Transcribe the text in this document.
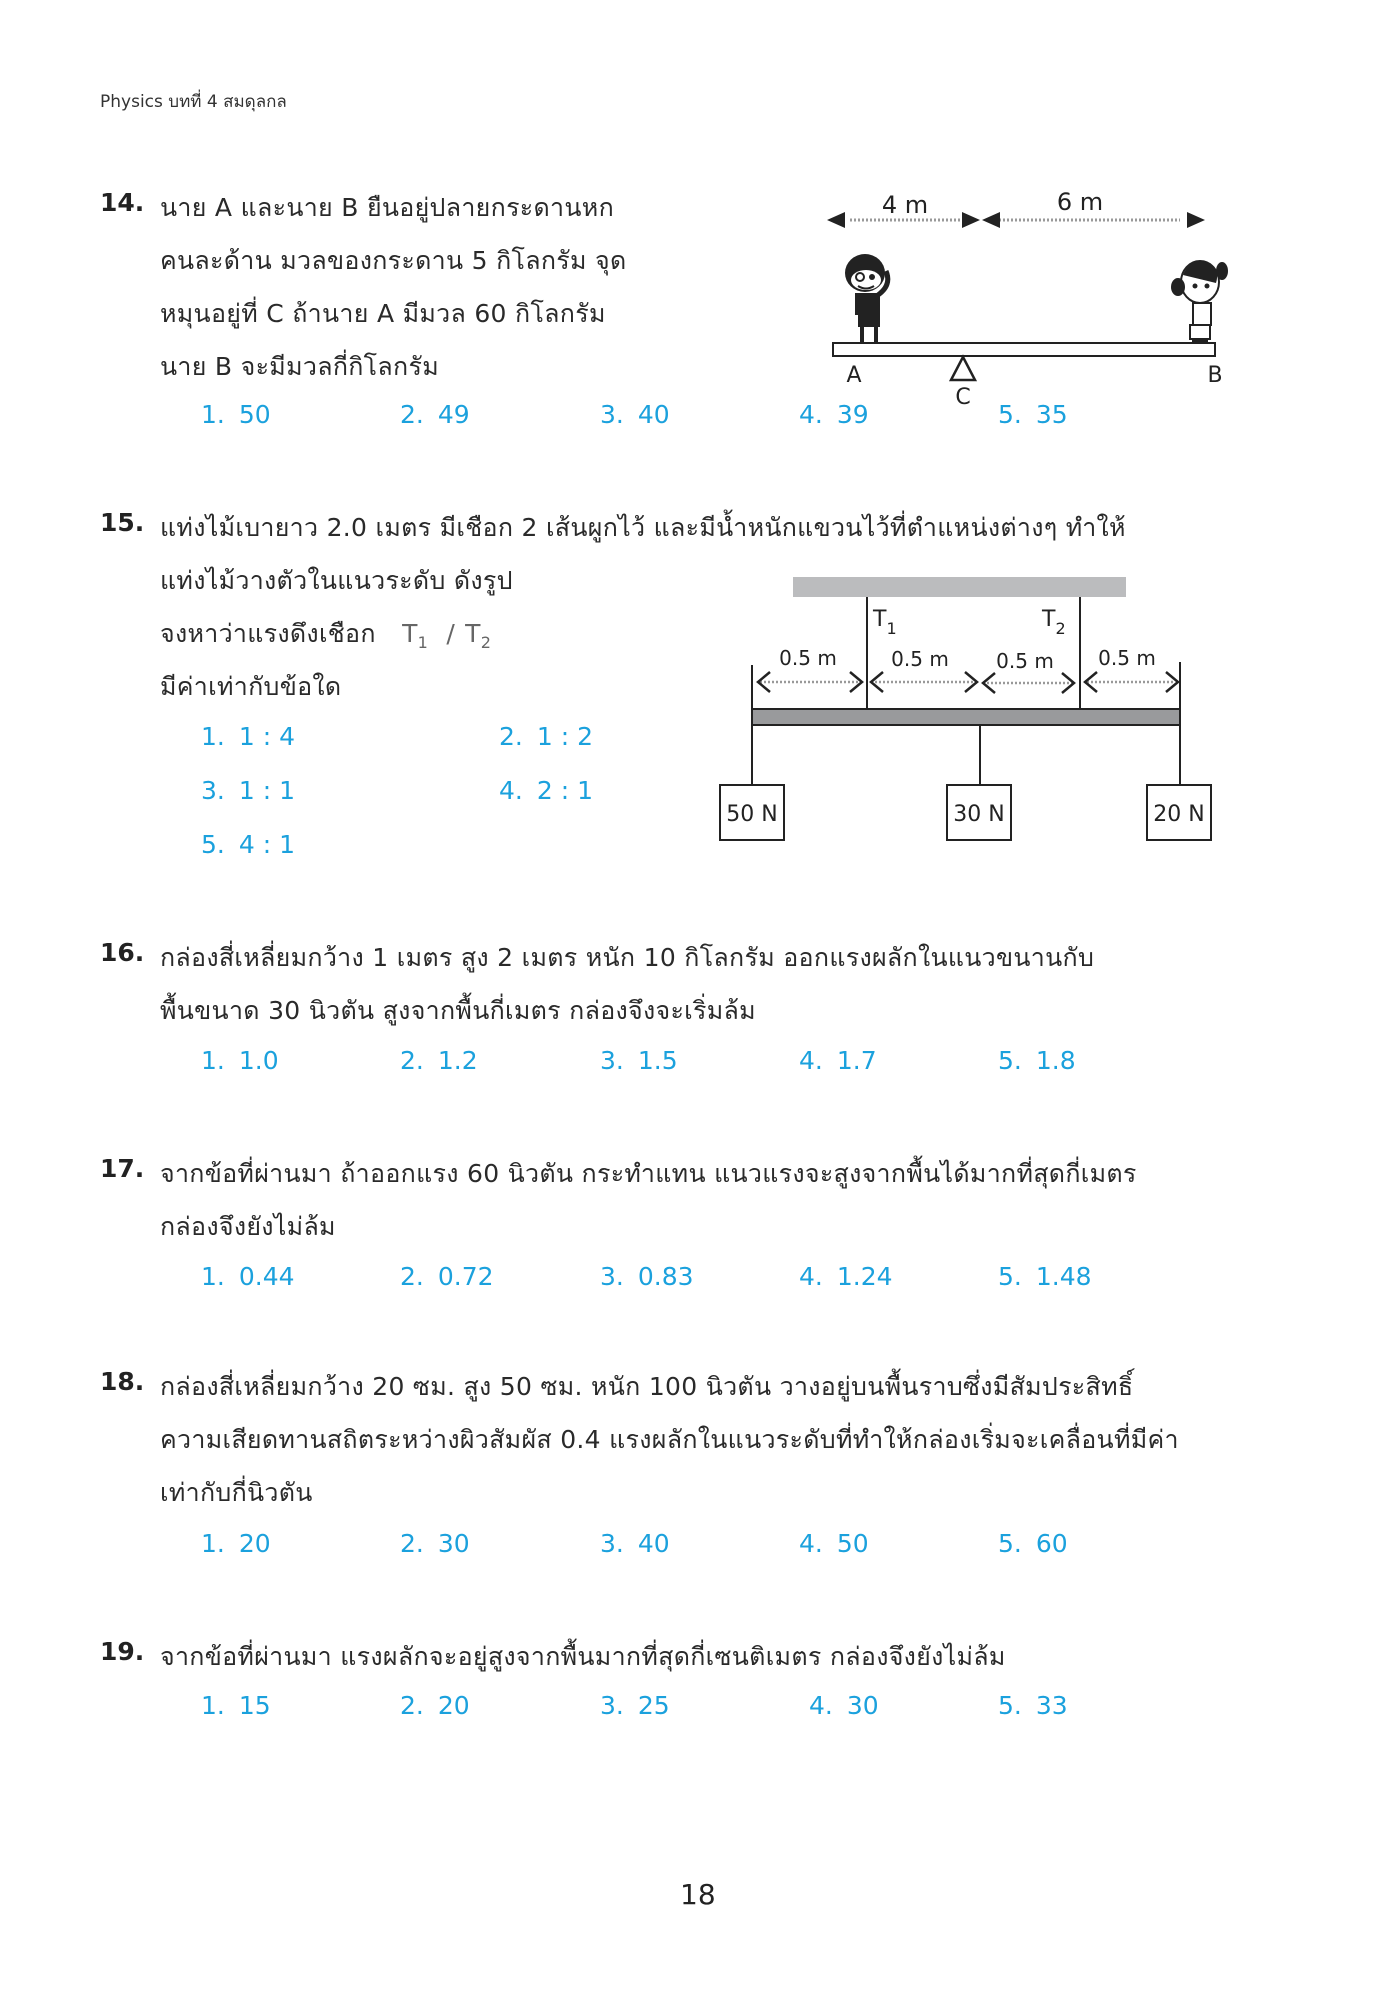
Physics บทที่ 4 สมดุลกล
14. นาย A และนาย B ยืนอยู่ปลายกระดานหก
คนละด้าน มวลของกระดาน 5 กิโลกรัม จุด
หมุนอยู่ที่ C ถ้านาย A มีมวล 60 กิโลกรัม
นาย B จะมีมวลกี่กิโลกรัม
1. 50	2. 49	3. 40	4. 39	5. 35
4 m	6 m
A	B
C
15. แท่งไม้เบายาว 2.0 เมตร มีเชือก 2 เส้นผูกไว้ และมีน้ำหนักแขวนไว้ที่ตำแหน่งต่างๆ ทำให้
แท่งไม้วางตัวในแนวระดับ ดังรูป
จงหาว่าแรงดึงเชือก $T_1 / T_2$
มีค่าเท่ากับข้อใด
1. 1 : 4	2. 1 : 2
3. 1 : 1	4. 2 : 1
5. 4 : 1
$T_1$	$T_2$
0.5 m	0.5 m 0.5 m 0.5 m
50 N	30 N	20 N
16. กล่องสี่เหลี่ยมกว้าง 1 เมตร สูง 2 เมตร หนัก 10 กิโลกรัม ออกแรงผลักในแนวขนานกับ
พื้นขนาด 30 นิวตัน สูงจากพื้นกี่เมตร กล่องจึงจะเริ่มล้ม
1. 1.0	2. 1.2	3. 1.5	4. 1.7	5. 1.8
17. จากข้อที่ผ่านมา ถ้าออกแรง 60 นิวตัน กระทำแทน แนวแรงจะสูงจากพื้นได้มากที่สุดกี่เมตร
กล่องจึงยังไม่ล้ม
1. 0.44	2. 0.72	3. 0.83	4. 1.24	5. 1.48
18. กล่องสี่เหลี่ยมกว้าง 20 ซม. สูง 50 ซม. หนัก 100 นิวตัน วางอยู่บนพื้นราบซึ่งมีสัมประสิทธิ์
ความเสียดทานสถิตระหว่างผิวสัมผัส 0.4 แรงผลักในแนวระดับที่ทำให้กล่องเริ่มจะเคลื่อนที่มีค่า
เท่ากับกี่นิวตัน
1. 20	2. 30	3. 40	4. 50	5. 60
19. จากข้อที่ผ่านมา แรงผลักจะอยู่สูงจากพื้นมากที่สุดกี่เซนติเมตร กล่องจึงยังไม่ล้ม
1. 15	2. 20	3. 25	4. 30	5. 33
18
